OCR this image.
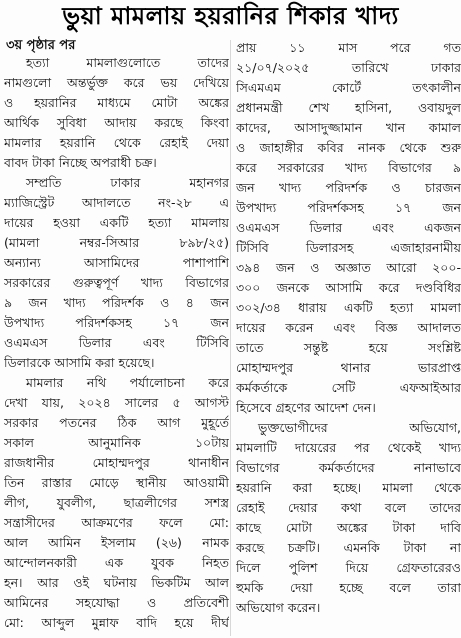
ভুয়া মামলায় হয়রানির শিকার খাদ্য
৩য় পৃষ্ঠার পর
হত্যা মামলাগুলোতে তাদের
নামগুলো অন্তর্ভুক্ত করে ভয় দেখিয়ে
ও হয়রানির মাধ্যমে মোটা অঙ্কের
আর্থিক সুবিধা আদায় করছে কিংবা
মামলার হয়রানি থেকে রেহাই দেয়া
বাবদ টাকা নিচ্ছে অপরাধী চক্র।
সম্প্রতি ঢাকার মহানগর
ম্যাজিস্ট্রেট আদালতে নং-২৮ এ
দায়ের হওয়া একটি হত্যা মামলায়
(মামলা নম্বর-সিআর ৮৯৮/২৫)
অন্যান্য আসামিদের পাশাপাশি
সরকারের গুরুত্বপূর্ণ খাদ্য বিভাগের
৯ জন খাদ্য পরিদর্শক ও ৪ জন
উপখাদ্য পরিদর্শকসহ ১৭ জন
ওএমএস ডিলার এবং টিসিবি
ডিলারকে আসামি করা হয়েছে।
মামলার নথি পর্যালোচনা করে
দেখা যায়, ২০২৪ সালের ৫ আগস্ট
সরকার পতনের ঠিক আগ মুহূর্তে
সকাল আনুমানিক ১০টায়
রাজধানীর মোহাম্মদপুর থানাধীন
তিন রাস্তার মোড়ে স্থানীয় আওয়ামী
লীগ, যুবলীগ, ছাত্রলীগের সশস্ত্র
সন্ত্রাসীদের আক্রমণের ফলে মো:
আল আমিন ইসলাম (২৬) নামক
আন্দোলনকারী এক যুবক নিহত
হন। আর ওই ঘটনায় ভিকটিম আল
আমিনের সহযোদ্ধা ও প্রতিবেশী
মো: আব্দুল মুন্নাফ বাদি হয়ে দীর্ঘ
প্রায় ১১ মাস পরে গত
২১/০৭/২০২৫ তারিখে ঢাকার
সিএমএম কোর্টে তৎকালীন
প্রধানমন্ত্রী শেখ হাসিনা, ওবায়দুল
কাদের, আসাদুজ্জামান খান কামাল
ও জাহাঙ্গীর কবির নানক থেকে শুরু
করে সরকারের খাদ্য বিভাগের ৯
জন খাদ্য পরিদর্শক ও চারজন
উপখাদ্য পরিদর্শকসহ ১৭ জন
ওএমএস ডিলার এবং একজন
টিসিবি ডিলারসহ এজাহারনামীয়
৩৯৪ জন ও অজ্ঞাত আরো ২০০-
৩০০ জনকে আসামি করে দণ্ডবিধির
৩০২/৩৪ ধারায় একটি হত্যা মামলা
দায়ের করেন এবং বিজ্ঞ আদালত
তাতে সন্তুষ্ট হয়ে সংশ্লিষ্ট
মোহাম্মদপুর থানার ভারপ্রাপ্ত
কর্মকর্তাকে সেটি এফআইআর
হিসেবে গ্রহণের আদেশ দেন।
ভুক্তভোগীদের অভিযোগ,
মামলাটি দায়েরের পর থেকেই খাদ্য
বিভাগের কর্মকর্তাদের নানাভাবে
হয়রানি করা হচ্ছে। মামলা থেকে
রেহাই দেয়ার কথা বলে তাদের
কাছে মোটা অঙ্কের টাকা দাবি
করছে চক্রটি। এমনকি টাকা না
দিলে পুলিশ দিয়ে গ্রেফতারেরও
হুমকি দেয়া হচ্ছে বলে তারা
অভিযোগ করেন।
